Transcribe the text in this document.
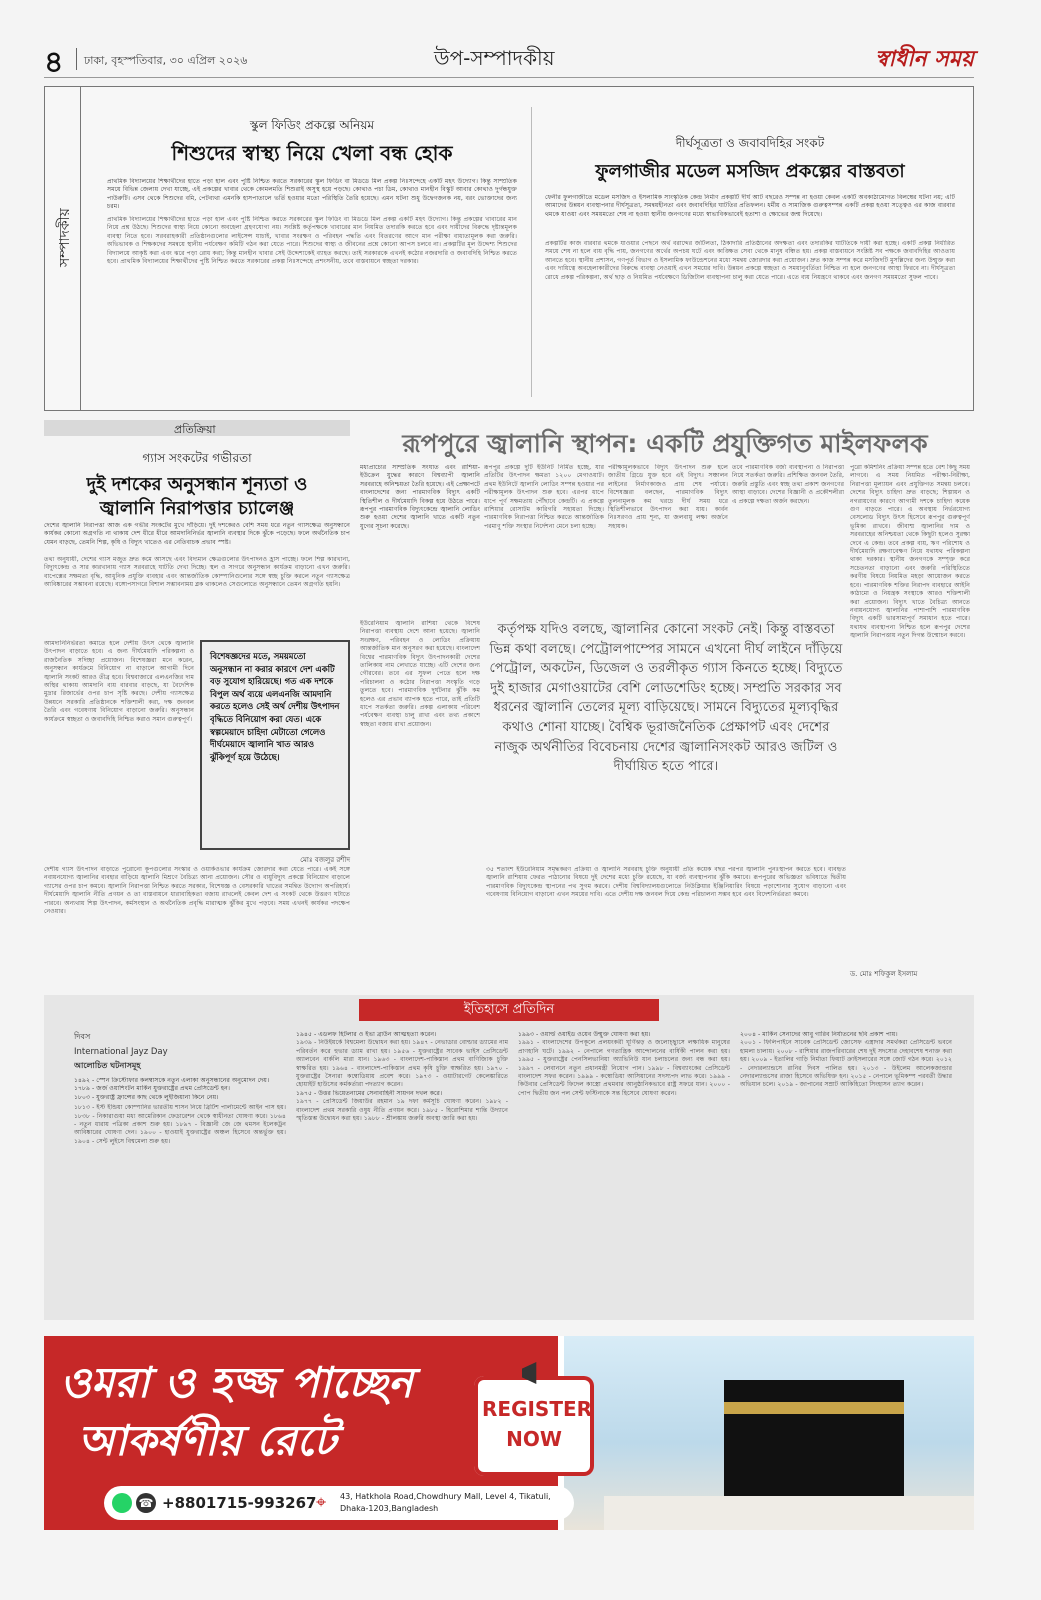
৪ ঢাকা, বৃহস্পতিবার, ৩০ এপ্রিল ২০২৬	উপ-সম্পাদকীয়	স্বাধীন সময়
সম্পাদকীয়
স্কুল ফিডিং প্রকল্পে অনিয়ম
শিশুদের স্বাস্থ্য নিয়ে খেলা বন্ধ হোক
প্রাথমিক বিদ্যালয়ের শিক্ষার্থীদের হাতে পড়া হাল এবং পুষ্টি নিশ্চিত করতে সরকারের স্কুল ফিডিং বা মিডডে মিল প্রকল্প নিঃসন্দেহে একটি মহৎ উদ্যোগ। কিন্তু সাম্প্রতিক সময়ে বিভিন্ন জেলায় দেখা যাচ্ছে, এই প্রকল্পের খাবার থেকে কোমলমতি শিশুরাই অসুস্থ হয়ে পড়ছে। কোথাও পচা ডিম, কোথাও মানহীন বিস্কুট আবার কোথাও দুর্গন্ধযুক্ত পাউরুটি। এসব থেকে শিশুদের বমি, পেটব্যথা এমনকি হাসপাতালে ভর্তি হওয়ার মতো পরিস্থিতি তৈরি হয়েছে। এমন ঘটনা শুধু উদ্বেগজনক নয়, বরং ভোক্তাদের জন্য চরম।
প্রাথমিক বিদ্যালয়ের শিক্ষার্থীদের হাতে পড়া হাল এবং পুষ্টি নিশ্চিত করতে সরকারের স্কুল ফিডিং বা মিডডে মিল প্রকল্প একটি মহৎ উদ্যোগ। কিন্তু প্রকল্পের খাবারের মান নিয়ে প্রশ্ন উঠছে। শিশুদের স্বাস্থ্য নিয়ে কোনো অবহেলা গ্রহণযোগ্য নয়। সংশ্লিষ্ট কর্তৃপক্ষকে খাবারের মান নিয়মিত তদারকি করতে হবে এবং দায়ীদের বিরুদ্ধে দৃষ্টান্তমূলক ব্যবস্থা নিতে হবে। সরবরাহকারী প্রতিষ্ঠানগুলোর লাইসেন্স যাচাই, খাবার সংরক্ষণ ও পরিবহন পদ্ধতি এবং বিতরণের আগে মান পরীক্ষা বাধ্যতামূলক করা জরুরি। অভিভাবক ও শিক্ষকদের সমন্বয়ে স্থানীয় পর্যবেক্ষণ কমিটি গঠন করা যেতে পারে। শিশুদের স্বাস্থ্য ও জীবনের প্রশ্নে কোনো আপস চলবে না। প্রকল্পটির মূল উদ্দেশ্য শিশুদের বিদ্যালয়ে আকৃষ্ট করা এবং ঝরে পড়া রোধ করা; কিন্তু মানহীন খাবার সেই উদ্দেশ্যকেই ব্যাহত করছে। তাই সরকারকে এখনই কঠোর নজরদারি ও জবাবদিহি নিশ্চিত করতে হবে। প্রাথমিক বিদ্যালয়ের শিক্ষার্থীদের পুষ্টি নিশ্চিত করতে সরকারের প্রকল্প নিঃসন্দেহে প্রশংসনীয়, তবে বাস্তবায়নে স্বচ্ছতা দরকার।
দীর্ঘসূত্রতা ও জবাবদিহির সংকট
ফুলগাজীর মডেল মসজিদ প্রকল্পের বাস্তবতা
ফেনীর ফুলগাজীতে মডেল মসজিদ ও ইসলামিক সাংস্কৃতিক কেন্দ্র নির্মাণ প্রকল্পটি দীর্ঘ আট বছরেও সম্পন্ন না হওয়া কেবল একটি অবকাঠামোগত বিলম্বের ঘটনা নয়; এটি আমাদের উন্নয়ন ব্যবস্থাপনার দীর্ঘসূত্রতা, সমন্বয়হীনতা এবং জবাবদিহির ঘাটতির প্রতিফলন। ধর্মীয় ও সামাজিক গুরুত্বসম্পন্ন একটি প্রকল্প হওয়া সত্ত্বেও এর কাজ বারবার থমকে যাওয়া এবং সময়মতো শেষ না হওয়া স্থানীয় জনগণের মধ্যে স্বাভাবিকভাবেই হতাশা ও ক্ষোভের জন্ম দিয়েছে।
প্রকল্পটির কাজ বারবার থমকে যাওয়ার পেছনে অর্থ বরাদ্দের জটিলতা, ঠিকাদারি প্রতিষ্ঠানের অদক্ষতা এবং তদারকির ঘাটতিকে দায়ী করা হচ্ছে। একটি প্রকল্প নির্ধারিত সময়ে শেষ না হলে ব্যয় বৃদ্ধি পায়, জনগণের অর্থের অপচয় ঘটে এবং কাঙ্ক্ষিত সেবা থেকে মানুষ বঞ্চিত হয়। প্রকল্প বাস্তবায়নে সংশ্লিষ্ট সব পক্ষকে জবাবদিহির আওতায় আনতে হবে। স্থানীয় প্রশাসন, গণপূর্ত বিভাগ ও ইসলামিক ফাউন্ডেশনের মধ্যে সমন্বয় জোরদার করা প্রয়োজন। দ্রুত কাজ সম্পন্ন করে মসজিদটি মুসল্লিদের জন্য উন্মুক্ত করা এবং দায়িত্বে অবহেলাকারীদের বিরুদ্ধে ব্যবস্থা নেওয়াই এখন সময়ের দাবি। উন্নয়ন প্রকল্পে স্বচ্ছতা ও সময়ানুবর্তিতা নিশ্চিত না হলে জনগণের আস্থা ফিরবে না। দীর্ঘসূত্রতা রোধে প্রকল্প পরিকল্পনা, অর্থ ছাড় ও নিয়মিত পর্যবেক্ষণে ডিজিটাল ব্যবস্থাপনা চালু করা যেতে পারে। এতে ব্যয় নিয়ন্ত্রণে থাকবে এবং জনগণ সময়মতো সুফল পাবে।
প্রতিক্রিয়া
গ্যাস সংকটের গভীরতা
দুই দশকের অনুসন্ধান শূন্যতা ও
জ্বালানি নিরাপত্তার চ্যালেঞ্জ
দেশের জ্বালানি নিরাপত্তা আজ এক গভীর সংকটের মুখে দাঁড়িয়ে। দুই দশকেরও বেশি সময় ধরে নতুন গ্যাসক্ষেত্র অনুসন্ধানে কার্যকর কোনো অগ্রগতি না থাকায় দেশ ধীরে ধীরে আমদানিনির্ভর জ্বালানি ব্যবস্থার দিকে ঝুঁকে পড়েছে। ফলে অর্থনৈতিক চাপ যেমন বাড়ছে, তেমনি শিল্প, কৃষি ও বিদ্যুৎ খাতেও এর নেতিবাচক প্রভাব স্পষ্ট।
তথ্য অনুযায়ী, দেশের গ্যাস মজুত দ্রুত কমে আসছে এবং বিদ্যমান ক্ষেত্রগুলোর উৎপাদনও হ্রাস পাচ্ছে। ফলে শিল্প কারখানা, বিদ্যুৎকেন্দ্র ও সার কারখানায় গ্যাস সরবরাহে ঘাটতি দেখা দিচ্ছে। স্থল ও সাগরে অনুসন্ধান কার্যক্রম বাড়ানো এখন জরুরি। বাপেক্সের সক্ষমতা বৃদ্ধি, আধুনিক প্রযুক্তি ব্যবহার এবং আন্তর্জাতিক কোম্পানিগুলোর সঙ্গে স্বচ্ছ চুক্তি করলে নতুন গ্যাসক্ষেত্র আবিষ্কারের সম্ভাবনা রয়েছে। বঙ্গোপসাগরে বিশাল সম্ভাবনাময় ব্লক থাকলেও সেগুলোতে অনুসন্ধানে তেমন অগ্রগতি হয়নি।
আমদানিনির্ভরতা কমাতে হলে দেশীয় উৎস থেকে জ্বালানি উৎপাদন বাড়াতে হবে। এ জন্য দীর্ঘমেয়াদি পরিকল্পনা ও রাজনৈতিক সদিচ্ছা প্রয়োজন। বিশেষজ্ঞরা মনে করেন, অনুসন্ধান কার্যক্রমে বিনিয়োগ না বাড়ালে আগামী দিনে জ্বালানি সংকট আরও তীব্র হবে। বিশ্ববাজারে এলএনজির দাম অস্থির থাকায় আমদানি ব্যয় বারবার বাড়ছে, যা বৈদেশিক মুদ্রার রিজার্ভের ওপর চাপ সৃষ্টি করছে। দেশীয় গ্যাসক্ষেত্র উন্নয়নে সরকারি প্রতিষ্ঠানকে শক্তিশালী করা, দক্ষ জনবল তৈরি এবং গবেষণায় বিনিয়োগ বাড়ানো জরুরি। অনুসন্ধান কার্যক্রমে স্বচ্ছতা ও জবাবদিহি নিশ্চিত করাও সমান গুরুত্বপূর্ণ।
বিশেষজ্ঞদের মতে, সময়মতো অনুসন্ধান না করার কারণে দেশ একটি বড় সুযোগ হারিয়েছে। গত এক দশকে বিপুল অর্থ ব্যয়ে এলএনজি আমদানি করতে হলেও সেই অর্থ দেশীয় উৎপাদন বৃদ্ধিতে বিনিয়োগ করা যেত। একে স্বল্পমেয়াদে চাহিদা মেটাতো গেলেও দীর্ঘমেয়াদে জ্বালানি খাত আরও ঝুঁকিপূর্ণ হয়ে উঠেছে।
মোঃ বজলুর রশীদ
দেশীয় গ্যাস উৎপাদন বাড়াতে পুরোনো কূপগুলোর সংস্কার ও ওয়ার্কওভার কার্যক্রম জোরদার করা যেতে পারে। একই সঙ্গে নবায়নযোগ্য জ্বালানির ব্যবহার বাড়িয়ে জ্বালানি মিশ্রণে বৈচিত্র্য আনা প্রয়োজন। সৌর ও বায়ুবিদ্যুৎ প্রকল্পে বিনিয়োগ বাড়ালে গ্যাসের ওপর চাপ কমবে। জ্বালানি নিরাপত্তা নিশ্চিত করতে সরকার, বিশেষজ্ঞ ও বেসরকারি খাতের সমন্বিত উদ্যোগ অপরিহার্য। দীর্ঘমেয়াদি জ্বালানি নীতি প্রণয়ন ও তা বাস্তবায়নে ধারাবাহিকতা বজায় রাখলেই কেবল দেশ এ সংকট থেকে উত্তরণ ঘটাতে পারবে। অন্যথায় শিল্প উৎপাদন, কর্মসংস্থান ও অর্থনৈতিক প্রবৃদ্ধি মারাত্মক ঝুঁকির মুখে পড়বে। সময় এখনই কার্যকর পদক্ষেপ নেওয়ার।
রূপপুরে জ্বালানি স্থাপন: একটি প্রযুক্তিগত মাইলফলক
মধ্যপ্রাচ্যের সাম্প্রতিক সংঘাত এবং রাশিয়া-ইউক্রেন যুদ্ধের কারণে বিশ্বব্যাপী জ্বালানি সরবরাহে অনিশ্চয়তা তৈরি হয়েছে। এই প্রেক্ষাপটে বাংলাদেশের জন্য পারমাণবিক বিদ্যুৎ একটি স্থিতিশীল ও দীর্ঘমেয়াদি বিকল্প হয়ে উঠতে পারে। রূপপুর পারমাণবিক বিদ্যুৎকেন্দ্রে জ্বালানি লোডিং শুরু হওয়া দেশের জ্বালানি খাতে একটি নতুন যুগের সূচনা করেছে।
রূপপুর প্রকল্পে দুটি ইউনিট নির্মিত হচ্ছে, যার প্রতিটির উৎপাদন ক্ষমতা ১২০০ মেগাওয়াট। প্রথম ইউনিটে জ্বালানি লোডিং সম্পন্ন হওয়ার পর পরীক্ষামূলক উৎপাদন শুরু হবে। এরপর ধাপে ধাপে পূর্ণ সক্ষমতায় পৌঁছাবে কেন্দ্রটি। এ প্রকল্পে রাশিয়ার রোসাটম কারিগরি সহায়তা দিচ্ছে। পারমাণবিক নিরাপত্তা নিশ্চিত করতে আন্তর্জাতিক পরমাণু শক্তি সংস্থার নির্দেশনা মেনে চলা হচ্ছে।
পরীক্ষামূলকভাবে বিদ্যুৎ উৎপাদন শুরু হলে জাতীয় গ্রিডে যুক্ত হবে এই বিদ্যুৎ। সঞ্চালন লাইনের নির্মাণকাজও প্রায় শেষ পর্যায়ে। বিশেষজ্ঞরা বলছেন, পারমাণবিক বিদ্যুৎ তুলনামূলক কম খরচে দীর্ঘ সময় ধরে স্থিতিশীলভাবে উৎপাদন করা যায়। কার্বন নিঃসরণও প্রায় শূন্য, যা জলবায়ু লক্ষ্য অর্জনে সহায়ক।
তবে পারমাণবিক বর্জ্য ব্যবস্থাপনা ও নিরাপত্তা নিয়ে সতর্কতা জরুরি। প্রশিক্ষিত জনবল তৈরি, জরুরি প্রস্তুতি এবং স্বচ্ছ তথ্য প্রকাশ জনগণের আস্থা বাড়াবে। দেশের বিজ্ঞানী ও প্রকৌশলীরা এ প্রকল্পে দক্ষতা অর্জন করছেন।
পুরো কমিশনিং প্রক্রিয়া সম্পন্ন হতে বেশ কিছু সময় লাগবে। এ সময় নিয়মিত পরীক্ষা-নিরীক্ষা, নিরাপত্তা মূল্যায়ন এবং প্রযুক্তিগত সমন্বয় চলবে। দেশের বিদ্যুৎ চাহিদা দ্রুত বাড়ছে; শিল্পায়ন ও নগরায়ণের কারণে আগামী দশকে চাহিদা কয়েক গুণ বাড়তে পারে। এ অবস্থায় নির্ভরযোগ্য বেসলোড বিদ্যুৎ উৎস হিসেবে রূপপুর গুরুত্বপূর্ণ ভূমিকা রাখবে। জীবাশ্ম জ্বালানির দাম ও সরবরাহের অনিশ্চয়তা থেকে কিছুটা হলেও সুরক্ষা দেবে এ কেন্দ্র। তবে প্রকল্প ব্যয়, ঋণ পরিশোধ ও দীর্ঘমেয়াদি রক্ষণাবেক্ষণ নিয়ে যথাযথ পরিকল্পনা থাকা দরকার। স্থানীয় জনগণকে সম্পৃক্ত করে সচেতনতা বাড়ানো এবং জরুরি পরিস্থিতিতে করণীয় বিষয়ে নিয়মিত মহড়া আয়োজন করতে হবে। পারমাণবিক শক্তির নিরাপদ ব্যবহারে আইনি কাঠামো ও নিয়ন্ত্রক সংস্থাকে আরও শক্তিশালী করা প্রয়োজন। বিদ্যুৎ খাতে বৈচিত্র্য আনতে নবায়নযোগ্য জ্বালানির পাশাপাশি পারমাণবিক বিদ্যুৎ একটি ভারসাম্যপূর্ণ সমাধান হতে পারে। যথাযথ ব্যবস্থাপনা নিশ্চিত হলে রূপপুর দেশের জ্বালানি নিরাপত্তায় নতুন দিগন্ত উন্মোচন করবে।
ড. মোঃ শফিকুল ইসলাম
কর্তৃপক্ষ যদিও বলছে, জ্বালানির কোনো সংকট নেই। কিন্তু বাস্তবতা ভিন্ন কথা বলছে। পেট্রোলপাম্পের সামনে এখনো দীর্ঘ লাইনে দাঁড়িয়ে পেট্রোল, অকটেন, ডিজেল ও তরলীকৃত গ্যাস কিনতে হচ্ছে। বিদ্যুতে দুই হাজার মেগাওয়াটের বেশি লোডশেডিং হচ্ছে। সম্প্রতি সরকার সব ধরনের জ্বালানি তেলের মূল্য বাড়িয়েছে। সামনে বিদ্যুতের মূল্যবৃদ্ধির কথাও শোনা যাচ্ছে। বৈশ্বিক ভূরাজনৈতিক প্রেক্ষাপট এবং দেশের নাজুক অর্থনীতির বিবেচনায় দেশের জ্বালানিসংকট আরও জটিল ও দীর্ঘায়িত হতে পারে।
ইউরেনিয়াম জ্বালানি রাশিয়া থেকে বিশেষ নিরাপত্তা ব্যবস্থায় দেশে আনা হয়েছে। জ্বালানি সংরক্ষণ, পরিবহন ও লোডিং প্রক্রিয়ায় আন্তর্জাতিক মান অনুসরণ করা হয়েছে। বাংলাদেশ বিশ্বের পারমাণবিক বিদ্যুৎ উৎপাদনকারী দেশের তালিকায় নাম লেখাতে যাচ্ছে। এটি দেশের জন্য গৌরবের। তবে এর সুফল পেতে হলে দক্ষ পরিচালনা ও কঠোর নিরাপত্তা সংস্কৃতি গড়ে তুলতে হবে। পারমাণবিক দুর্ঘটনার ঝুঁকি কম হলেও এর প্রভাব ব্যাপক হতে পারে, তাই প্রতিটি ধাপে সতর্কতা জরুরি। প্রকল্প এলাকায় পরিবেশ পর্যবেক্ষণ ব্যবস্থা চালু রাখা এবং তথ্য প্রকাশে স্বচ্ছতা বজায় রাখা প্রয়োজন।
৩৫ শতাংশ ইউরেনিয়াম সমৃদ্ধকরণ প্রক্রিয়া ও জ্বালানি সরবরাহ চুক্তি অনুযায়ী প্রতি কয়েক বছর পরপর জ্বালানি পুনঃস্থাপন করতে হবে। ব্যবহৃত জ্বালানি রাশিয়ায় ফেরত পাঠানোর বিষয়ে দুই দেশের মধ্যে চুক্তি রয়েছে, যা বর্জ্য ব্যবস্থাপনার ঝুঁকি কমাবে। রূপপুরের অভিজ্ঞতা ভবিষ্যতে দ্বিতীয় পারমাণবিক বিদ্যুৎকেন্দ্র স্থাপনের পথ সুগম করবে। দেশীয় বিশ্ববিদ্যালয়গুলোতে নিউক্লিয়ার ইঞ্জিনিয়ারিং বিষয়ে পড়াশোনার সুযোগ বাড়ানো এবং গবেষণায় বিনিয়োগ বাড়ানো এখন সময়ের দাবি। এতে দেশীয় দক্ষ জনবল দিয়ে কেন্দ্র পরিচালনা সম্ভব হবে এবং বিদেশনির্ভরতা কমবে।
ইতিহাসে প্রতিদিন
দিবস
International Jayz Day
আলোচিত ঘটনাসমূহ
১৪৯২ - স্পেন ক্রিস্টোফার কলম্বাসকে নতুন এলাকা অনুসন্ধানের অনুমোদন দেয়।
১৭৮৯ - জর্জ ওয়াশিংটন মার্কিন যুক্তরাষ্ট্রের প্রথম প্রেসিডেন্ট হন।
১৮০৩ - যুক্তরাষ্ট্র ফ্রান্সের কাছ থেকে লুইজিয়ানা কিনে নেয়।
১৮১৩ - ইস্ট ইন্ডিয়া কোম্পানির ভারতীয় শাসন নিয়ে ব্রিটিশ পার্লামেন্টে আইন পাস হয়। ১৮৩৮ - নিকারাগুয়া মধ্য আমেরিকান ফেডারেশন থেকে স্বাধীনতা ঘোষণা করে। ১৮৬৪ - নতুন ধারায় পত্রিকা প্রকাশ শুরু হয়। ১৮৯৭ - বিজ্ঞানী জে জে থমসন ইলেকট্রন আবিষ্কারের ঘোষণা দেন। ১৯০০ - হাওয়াই যুক্তরাষ্ট্রের অঞ্চল হিসেবে অন্তর্ভুক্ত হয়। ১৯০৪ - সেন্ট লুইসে বিশ্বমেলা শুরু হয়।
১৯৪৫ - এডলফ হিটলার ও ইভা ব্রাউন আত্মহত্যা করেন।
১৯৩৯ - নিউইয়র্কে বিশ্বমেলা উদ্বোধন করা হয়। ১৯৪৭ - নেভাডার বোল্ডার ড্যামের নাম পরিবর্তন করে হুভার ড্যাম রাখা হয়। ১৯৫৬ - যুক্তরাষ্ট্রের সাবেক ভাইস প্রেসিডেন্ট অ্যালবেন বার্কলি মারা যান। ১৯৬৩ - বাংলাদেশ-পাকিস্তান প্রথম বাণিজ্যিক চুক্তি স্বাক্ষরিত হয়। ১৯৬৪ - বাংলাদেশ-পাকিস্তান প্রথম কৃষি চুক্তি স্বাক্ষরিত হয়। ১৯৭০ - যুক্তরাষ্ট্রের সৈন্যরা কম্বোডিয়ায় প্রবেশ করে। ১৯৭৩ - ওয়াটারগেট কেলেঙ্কারিতে হোয়াইট হাউসের কর্মকর্তারা পদত্যাগ করেন।
১৯৭৫ - উত্তর ভিয়েতনামের সেনাবাহিনী সায়গন দখল করে।
১৯৭৭ - প্রেসিডেন্ট জিয়াউর রহমান ১৯ দফা কর্মসূচি ঘোষণা করেন। ১৯৮২ - বাংলাদেশ প্রথম সরকারি ওষুধ নীতি প্রণয়ন করে। ১৯৮৫ - হিরোশিমার শান্তি উদ্যানে স্মৃতিস্তম্ভ উদ্বোধন করা হয়। ১৯৮৮ - শ্রীলঙ্কায় জরুরি অবস্থা জারি করা হয়।
১৯৯৩ - ওয়ার্ল্ড ওয়াইড ওয়েব উন্মুক্ত ঘোষণা করা হয়।
১৯৯১ - বাংলাদেশের উপকূলে প্রলয়ংকরী ঘূর্ণিঝড় ও জলোচ্ছ্বাসে লক্ষাধিক মানুষের প্রাণহানি ঘটে। ১৯৯২ - নেপালে গণতান্ত্রিক আন্দোলনের বার্ষিকী পালন করা হয়। ১৯৯৫ - যুক্তরাষ্ট্রের পেনসিলভানিয়া অ্যাভিনিউ যান চলাচলের জন্য বন্ধ করা হয়। ১৯৯৭ - লেবাননে নতুন প্রধানমন্ত্রী নিয়োগ পান। ১৯৯৮ - বিশ্বব্যাংকের প্রেসিডেন্ট বাংলাদেশ সফর করেন। ১৯৯৯ - কম্বোডিয়া আসিয়ানের সদস্যপদ লাভ করে। ১৯৯৯ - কিউবার প্রেসিডেন্ট ফিদেল কাস্ত্রো প্রথমবার আনুষ্ঠানিকভাবে রাষ্ট্র সফরে যান। ২০০০ - পোপ দ্বিতীয় জন পল সেন্ট ফস্টিনাকে সন্ত হিসেবে ঘোষণা করেন।
২০০৪ - মার্কিন সেনাদের আবু গারিব নির্যাতনের ছবি প্রকাশ পায়।
২০০১ - ফিলিপাইনে সাবেক প্রেসিডেন্ট জোসেফ এস্ত্রাদার সমর্থকরা প্রেসিডেন্ট ভবনে হামলা চালায়। ২০০৮ - রাশিয়ার রাজপরিবারের শেষ দুই সদস্যের দেহাবশেষ শনাক্ত করা হয়। ২০০৯ - ইতালির গাড়ি নির্মাতা ফিয়াট ক্রাইসলারের সঙ্গে জোট গঠন করে। ২০১২ - নেদারল্যান্ডসে রানির দিবস পালিত হয়। ২০১৩ - উইলেম আলেকজান্ডার নেদারল্যান্ডসের রাজা হিসেবে অভিষিক্ত হন। ২০১৫ - নেপালে ভূমিকম্প পরবর্তী উদ্ধার অভিযান চলে। ২০১৯ - জাপানের সম্রাট আকিহিতো সিংহাসন ত্যাগ করেন।
ওমরা ও হজ্জ পাচ্ছেন
আকর্ষণীয় রেটে
REGISTER NOW
☎ +8801715-993267 ⌖ 43, Hatkhola Road,Chowdhury Mall, Level 4, Tikatuli, Dhaka-1203,Bangladesh
